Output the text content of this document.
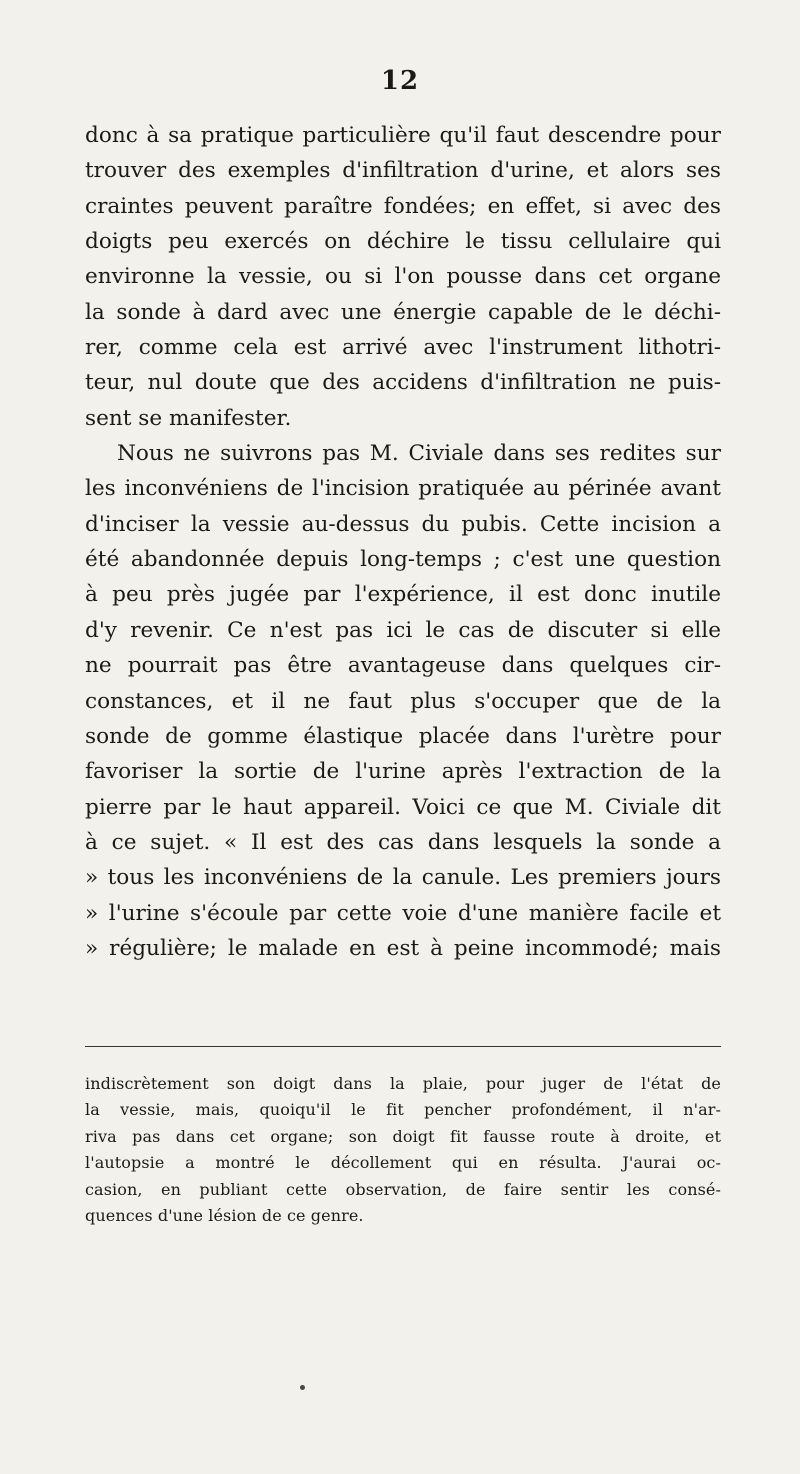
12
donc à sa pratique particulière qu'il faut descendre pour
trouver des exemples d'infiltration d'urine, et alors ses
craintes peuvent paraître fondées; en effet, si avec des
doigts peu exercés on déchire le tissu cellulaire qui
environne la vessie, ou si l'on pousse dans cet organe
la sonde à dard avec une énergie capable de le déchi-
rer, comme cela est arrivé avec l'instrument lithotri-
teur, nul doute que des accidens d'infiltration ne puis-
sent se manifester.
Nous ne suivrons pas M. Civiale dans ses redites sur
les inconvéniens de l'incision pratiquée au périnée avant
d'inciser la vessie au-dessus du pubis. Cette incision a
été abandonnée depuis long-temps ; c'est une question
à peu près jugée par l'expérience, il est donc inutile
d'y revenir. Ce n'est pas ici le cas de discuter si elle
ne pourrait pas être avantageuse dans quelques cir-
constances, et il ne faut plus s'occuper que de la
sonde de gomme élastique placée dans l'urètre pour
favoriser la sortie de l'urine après l'extraction de la
pierre par le haut appareil. Voici ce que M. Civiale dit
à ce sujet. « Il est des cas dans lesquels la sonde a
» tous les inconvéniens de la canule. Les premiers jours
» l'urine s'écoule par cette voie d'une manière facile et
» régulière; le malade en est à peine incommodé; mais
indiscrètement son doigt dans la plaie, pour juger de l'état de
la vessie, mais, quoiqu'il le fit pencher profondément, il n'ar-
riva pas dans cet organe; son doigt fit fausse route à droite, et
l'autopsie a montré le décollement qui en résulta. J'aurai oc-
casion, en publiant cette observation, de faire sentir les consé-
quences d'une lésion de ce genre.
